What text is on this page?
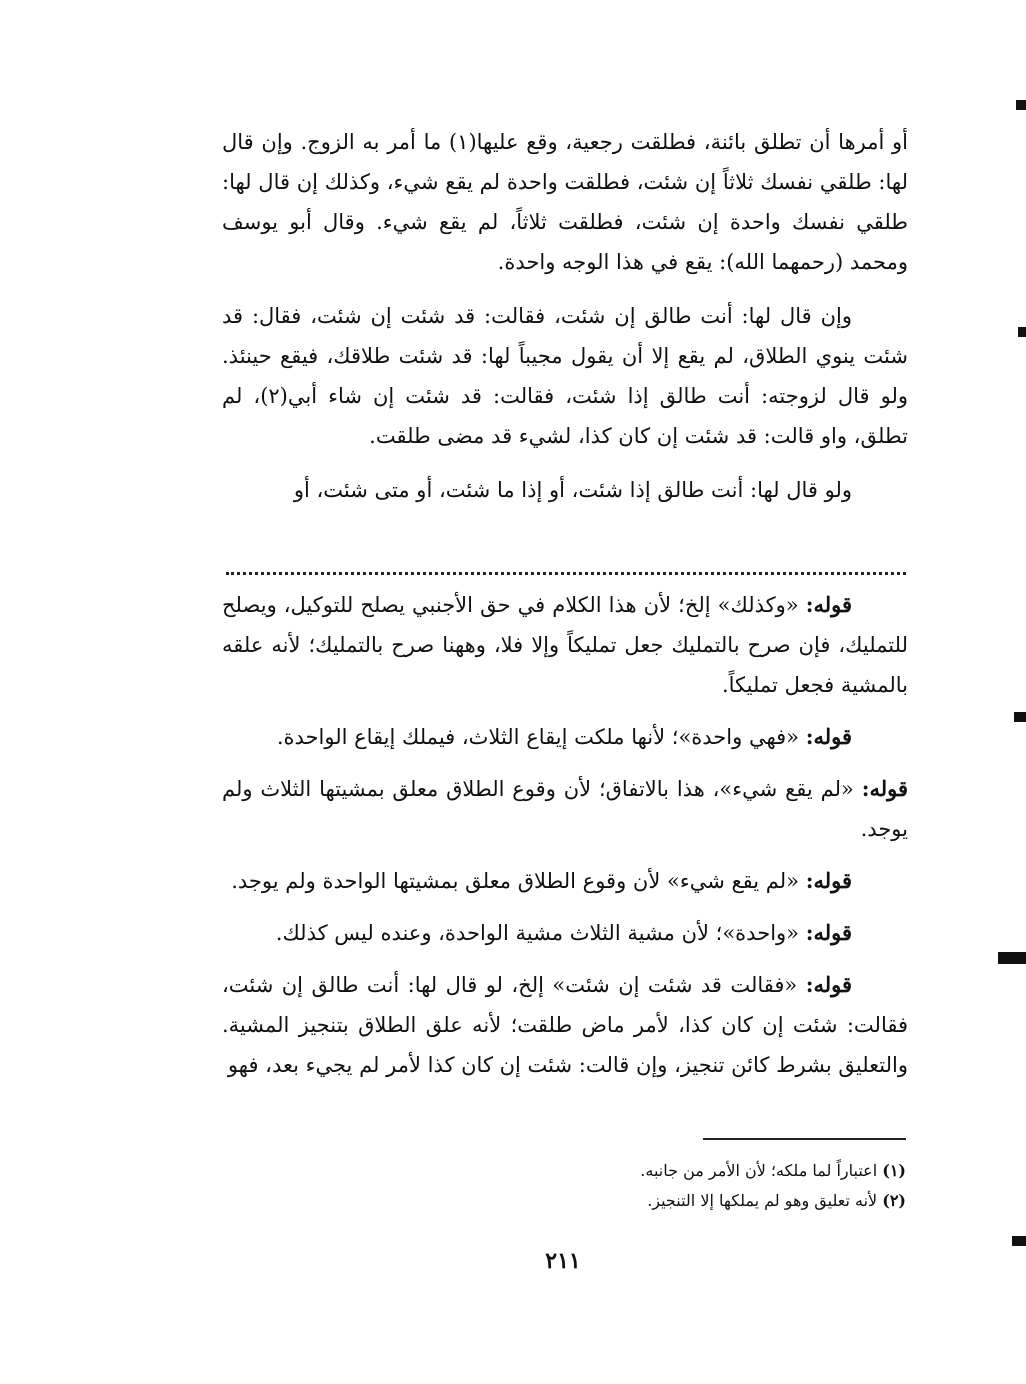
أو أمرها أن تطلق بائنة، فطلقت رجعية، وقع عليها(١) ما أمر به الزوج. وإن قال لها: طلقي نفسك ثلاثاً إن شئت، فطلقت واحدة لم يقع شيء، وكذلك إن قال لها: طلقي نفسك واحدة إن شئت، فطلقت ثلاثاً، لم يقع شيء. وقال أبو يوسف ومحمد (رحمهما الله): يقع في هذا الوجه واحدة.

وإن قال لها: أنت طالق إن شئت، فقالت: قد شئت إن شئت، فقال: قد شئت ينوي الطلاق، لم يقع إلا أن يقول مجيباً لها: قد شئت طلاقك، فيقع حينئذ. ولو قال لزوجته: أنت طالق إذا شئت، فقالت: قد شئت إن شاء أبي(٢)، لم تطلق، واو قالت: قد شئت إن كان كذا، لشيء قد مضى طلقت.

ولو قال لها: أنت طالق إذا شئت، أو إذا ما شئت، أو متى شئت، أو

قوله: «وكذلك» إلخ؛ لأن هذا الكلام في حق الأجنبي يصلح للتوكيل، ويصلح للتمليك، فإن صرح بالتمليك جعل تمليكاً وإلا فلا، وههنا صرح بالتمليك؛ لأنه علقه بالمشية فجعل تمليكاً.

قوله: «فهي واحدة»؛ لأنها ملكت إيقاع الثلاث، فيملك إيقاع الواحدة.

قوله: «لم يقع شيء»، هذا بالاتفاق؛ لأن وقوع الطلاق معلق بمشيتها الثلاث ولم يوجد.

قوله: «لم يقع شيء» لأن وقوع الطلاق معلق بمشيتها الواحدة ولم يوجد.

قوله: «واحدة»؛ لأن مشية الثلاث مشية الواحدة، وعنده ليس كذلك.

قوله: «فقالت قد شئت إن شئت» إلخ، لو قال لها: أنت طالق إن شئت، فقالت: شئت إن كان كذا، لأمر ماض طلقت؛ لأنه علق الطلاق بتنجيز المشية. والتعليق بشرط كائن تنجيز، وإن قالت: شئت إن كان كذا لأمر لم يجيء بعد، فهو

(١) اعتباراً لما ملكه؛ لأن الأمر من جانبه.
(٢) لأنه تعليق وهو لم يملكها إلا التنجيز.
٢١١
